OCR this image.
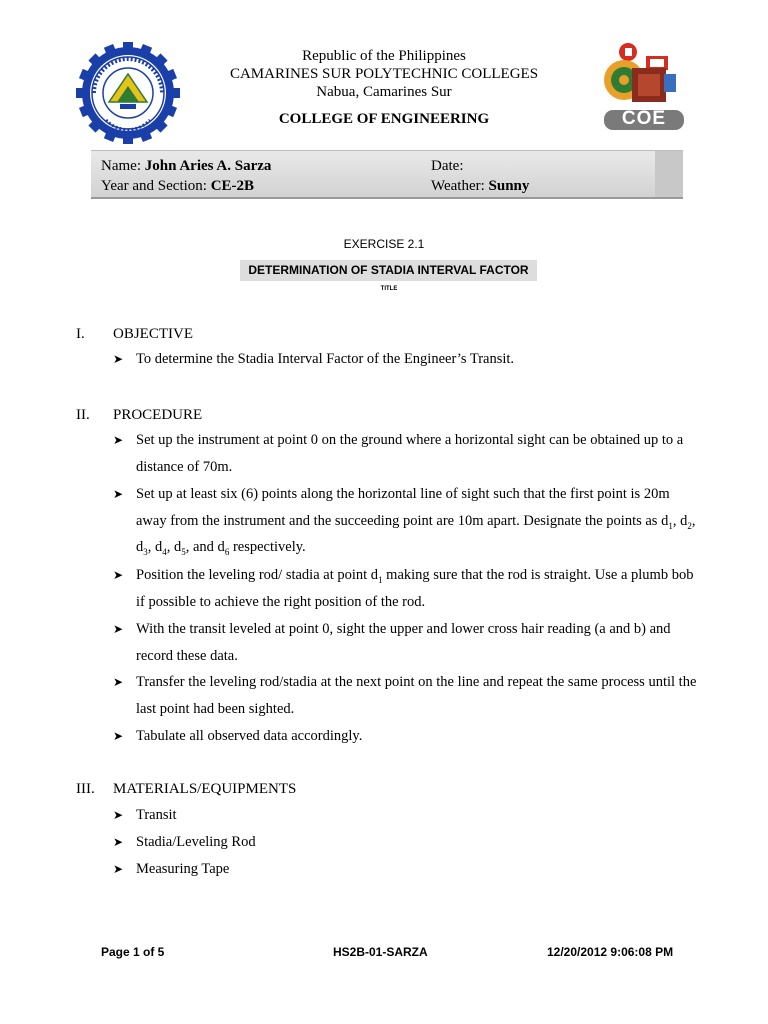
COE
Republic of the Philippines
CAMARINES SUR POLYTECHNIC COLLEGES
Nabua, Camarines Sur
COLLEGE OF ENGINEERING
Name: John Aries A. Sarza	Date:
Year and Section: CE-2B	Weather: Sunny
EXERCISE 2.1
DETERMINATION OF STADIA INTERVAL FACTOR
TITLE
I.	OBJECTIVE
➤ To determine the Stadia Interval Factor of the Engineer’s Transit.
II.	PROCEDURE
➤ Set up the instrument at point 0 on the ground where a horizontal sight can be obtained up to a distance of 70m.
➤ Set up at least six (6) points along the horizontal line of sight such that the first point is 20m away from the instrument and the succeeding point are 10m apart. Designate the points as $d_1$, $d_2$, $d_3$, $d_4$, $d_5$, and $d_6$ respectively.
➤ Position the leveling rod/ stadia at point $d_1$ making sure that the rod is straight. Use a plumb bob if possible to achieve the right position of the rod.
➤ With the transit leveled at point 0, sight the upper and lower cross hair reading (a and b) and record these data.
➤ Transfer the leveling rod/stadia at the next point on the line and repeat the same process until the last point had been sighted.
➤ Tabulate all observed data accordingly.
III. MATERIALS/EQUIPMENTS
➤ Transit
➤ Stadia/Leveling Rod
➤ Measuring Tape
Page 1 of 5	HS2B-01-SARZA	12/20/2012 9:06:08 PM
